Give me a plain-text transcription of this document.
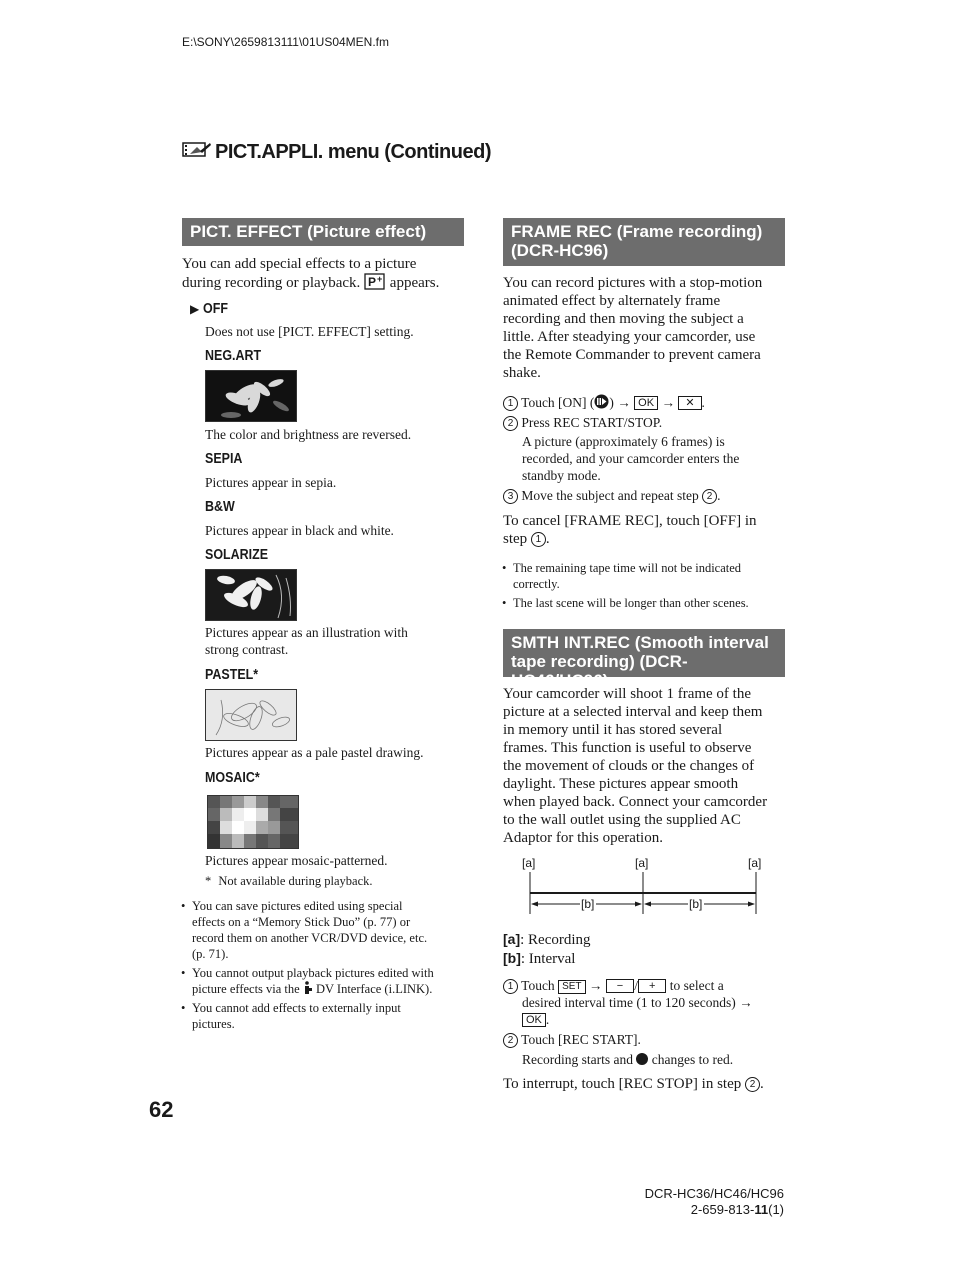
E:\SONY\2659813111\01US04MEN.fm
PICT.APPLI. menu (Continued)
PICT. EFFECT (Picture effect)
You can add special effects to a picture
during recording or playback. P + appears.
▶ OFF
Does not use [PICT. EFFECT] setting.
NEG.ART
The color and brightness are reversed.
SEPIA
Pictures appear in sepia.
B&W
Pictures appear in black and white.
SOLARIZE
Pictures appear as an illustration with
strong contrast.
PASTEL*
Pictures appear as a pale pastel drawing.
MOSAIC*
Pictures appear mosaic-patterned.
* Not available during playback.
• You can save pictures edited using special
effects on a “Memory Stick Duo” (p. 77) or
record them on another VCR/DVD device, etc.
(p. 71).
• You cannot output playback pictures edited with
picture effects via the DV Interface (i.LINK).
• You cannot add effects to externally input
pictures.
FRAME REC (Frame recording)
(DCR-HC96)
You can record pictures with a stop-motion
animated effect by alternately frame
recording and then moving the subject a
little. After steadying your camcorder, use
the Remote Commander to prevent camera
shake.
1 Touch [ON] ( ) → OK → ✕ .
2 Press REC START/STOP.
A picture (approximately 6 frames) is
recorded, and your camcorder enters the
standby mode.
3 Move the subject and repeat step 2 .
To cancel [FRAME REC], touch [OFF] in
step 1 .
• The remaining tape time will not be indicated
correctly.
• The last scene will be longer than other scenes.
SMTH INT.REC (Smooth interval
tape recording) (DCR-HC46/HC96)
Your camcorder will shoot 1 frame of the
picture at a selected interval and keep them
in memory until it has stored several
frames. This function is useful to observe
the movement of clouds or the changes of
daylight. These pictures appear smooth
when played back. Connect your camcorder
to the wall outlet using the supplied AC
Adaptor for this operation.
[a]	[a]	[a]
[b]	[b]
[a]: Recording
[b]: Interval
1 Touch SET → − / + to select a
desired interval time (1 to 120 seconds) →
OK .
2 Touch [REC START].
Recording starts and changes to red.
To interrupt, touch [REC STOP] in step 2 .
62
DCR-HC36/HC46/HC96
2-659-813-11(1)
